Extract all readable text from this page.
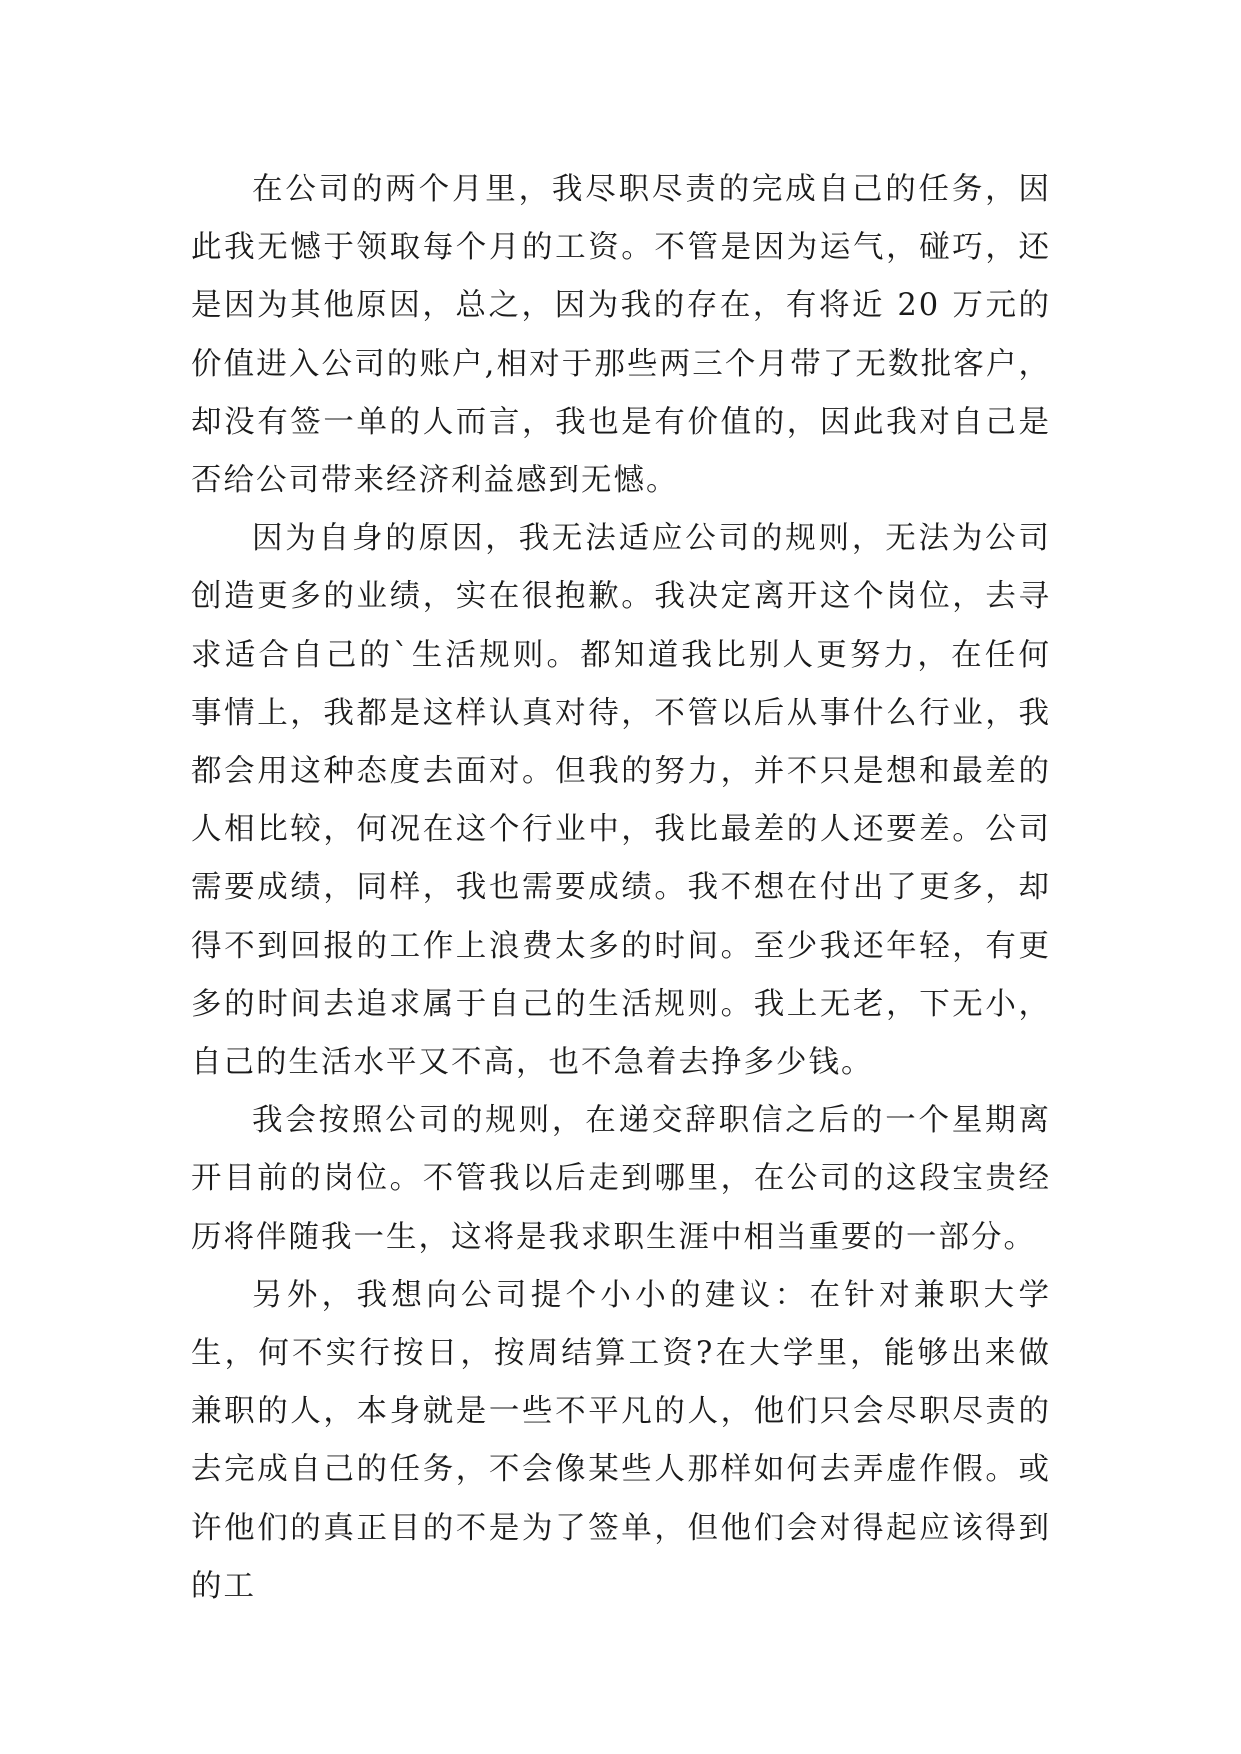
在公司的两个月里，我尽职尽责的完成自己的任务，因此我无憾于领取每个月的工资。不管是因为运气，碰巧，还是因为其他原因，总之，因为我的存在，有将近 20 万元的价值进入公司的账户,相对于那些两三个月带了无数批客户，却没有签一单的人而言，我也是有价值的，因此我对自己是否给公司带来经济利益感到无憾。

因为自身的原因，我无法适应公司的规则，无法为公司创造更多的业绩，实在很抱歉。我决定离开这个岗位，去寻求适合自己的`生活规则。都知道我比别人更努力，在任何事情上，我都是这样认真对待，不管以后从事什么行业，我都会用这种态度去面对。但我的努力，并不只是想和最差的人相比较，何况在这个行业中，我比最差的人还要差。公司需要成绩，同样，我也需要成绩。我不想在付出了更多，却得不到回报的工作上浪费太多的时间。至少我还年轻，有更多的时间去追求属于自己的生活规则。我上无老，下无小，自己的生活水平又不高，也不急着去挣多少钱。

我会按照公司的规则，在递交辞职信之后的一个星期离开目前的岗位。不管我以后走到哪里，在公司的这段宝贵经历将伴随我一生，这将是我求职生涯中相当重要的一部分。

另外，我想向公司提个小小的建议：在针对兼职大学生，何不实行按日，按周结算工资?在大学里，能够出来做兼职的人，本身就是一些不平凡的人，他们只会尽职尽责的去完成自己的任务，不会像某些人那样如何去弄虚作假。或许他们的真正目的不是为了签单，但他们会对得起应该得到的工
